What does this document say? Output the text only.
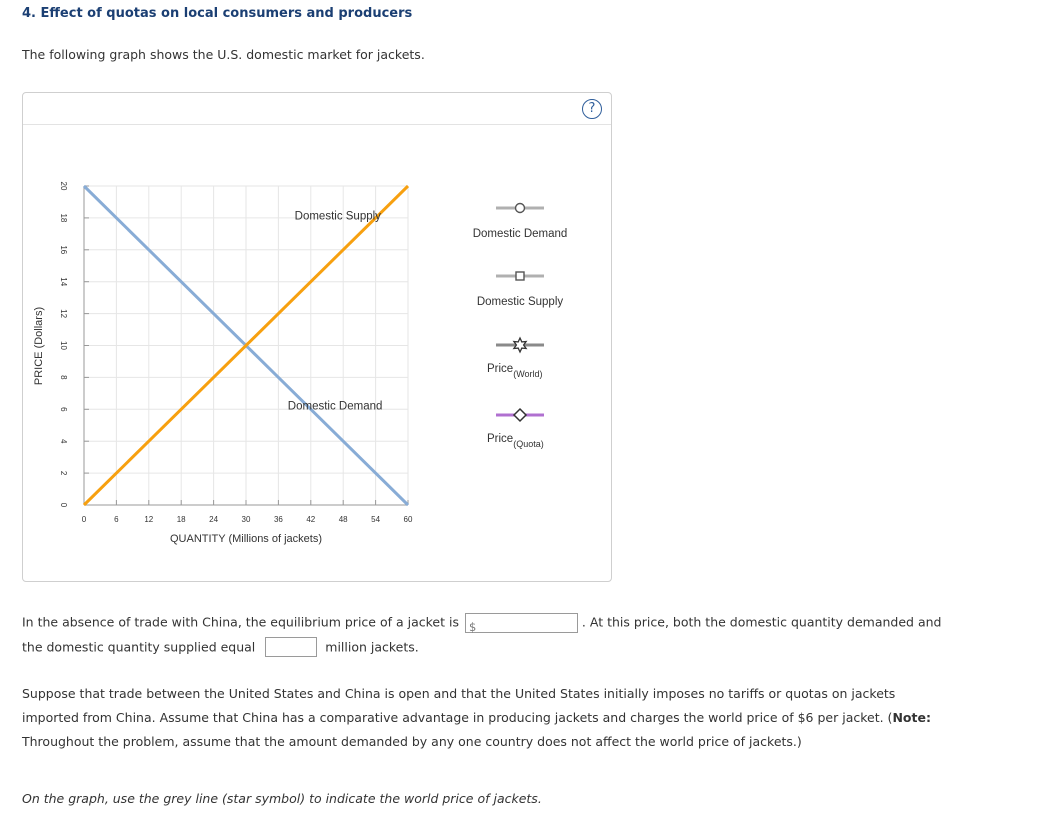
4. Effect of quotas on local consumers and producers
The following graph shows the U.S. domestic market for jackets.
?
0
2
4
6
8
10
12
14
16
18
20
0	6	12	18	24	30	36	42	48	54	60
QUANTITY (Millions of jackets)
PRICE (Dollars)
Domestic Demand
Domestic Supply
Domestic Demand
Domestic Supply
Price$_{(World)}$
Price$_{(Quota)}$
In the absence of trade with China, the equilibrium price of a jacket is $	. At this price, both the domestic quantity demanded and the domestic quantity supplied equal	million jackets.
Suppose that trade between the United States and China is open and that the United States initially imposes no tariffs or quotas on jackets imported from China. Assume that China has a comparative advantage in producing jackets and charges the world price of $6 per jacket. (Note: Throughout the problem, assume that the amount demanded by any one country does not affect the world price of jackets.)
On the graph, use the grey line (star symbol) to indicate the world price of jackets.
